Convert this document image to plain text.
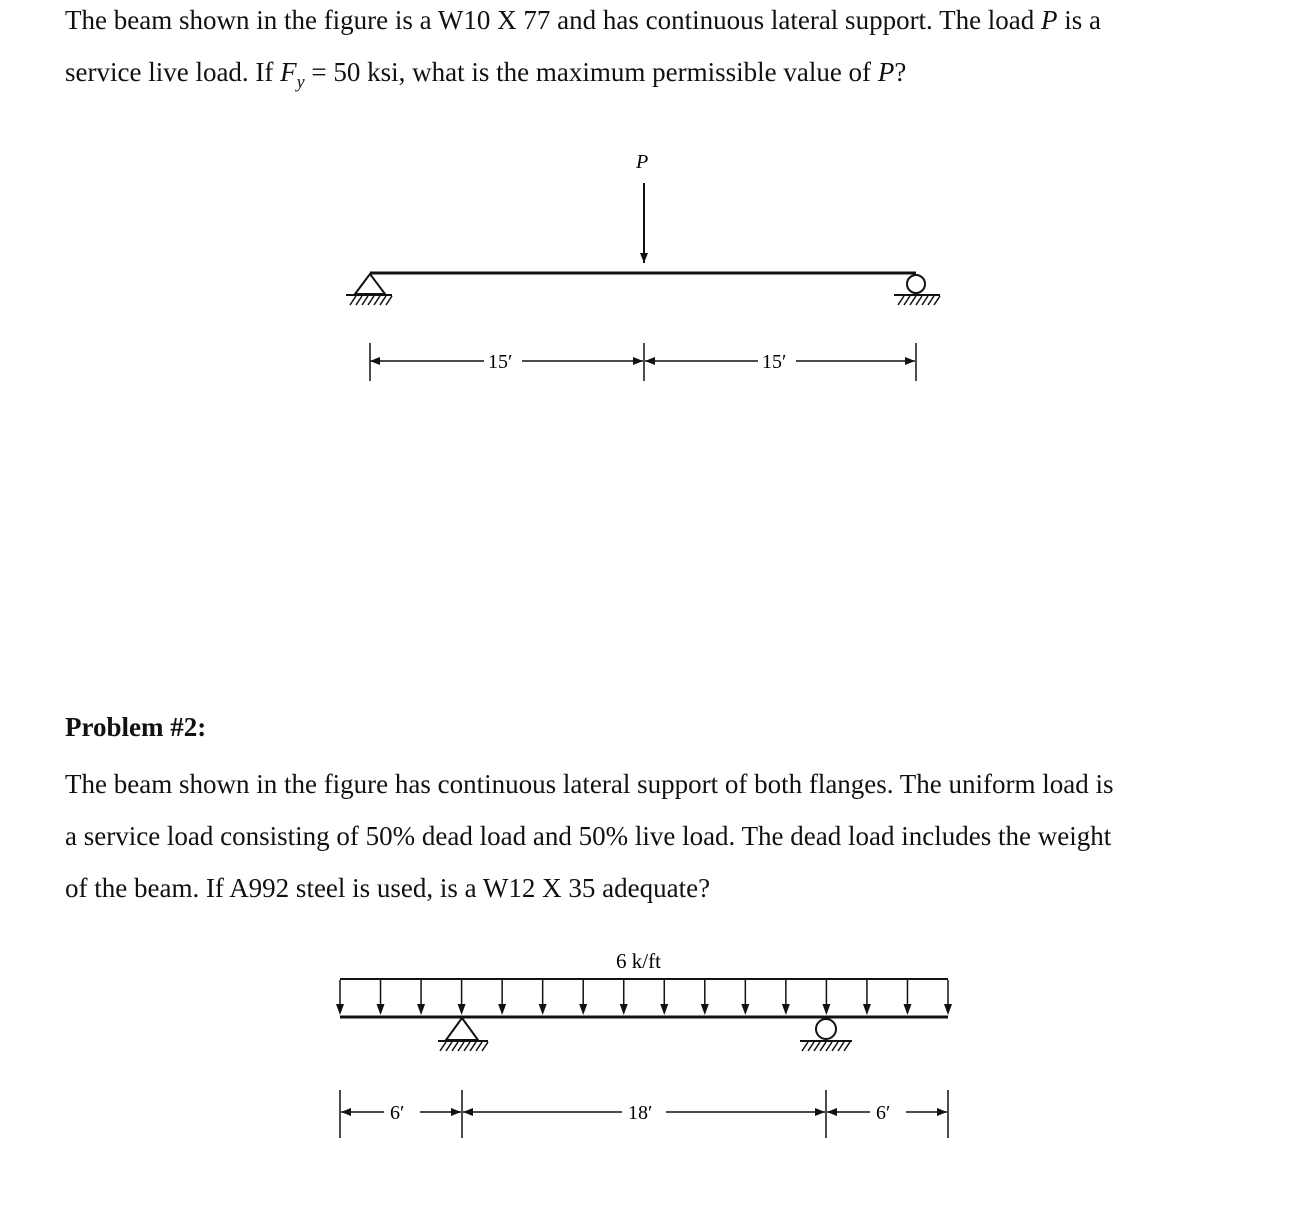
The beam shown in the figure is a W10 X 77 and has continuous lateral support. The load P is a

service live load. If $F_y = 50$ ksi, what is the maximum permissible value of P?

P
15′	15′
Problem #2:

The beam shown in the figure has continuous lateral support of both flanges. The uniform load is

a service load consisting of 50% dead load and 50% live load. The dead load includes the weight

of the beam. If A992 steel is used, is a W12 X 35 adequate?

6 k/ft
6′	18′	6′
